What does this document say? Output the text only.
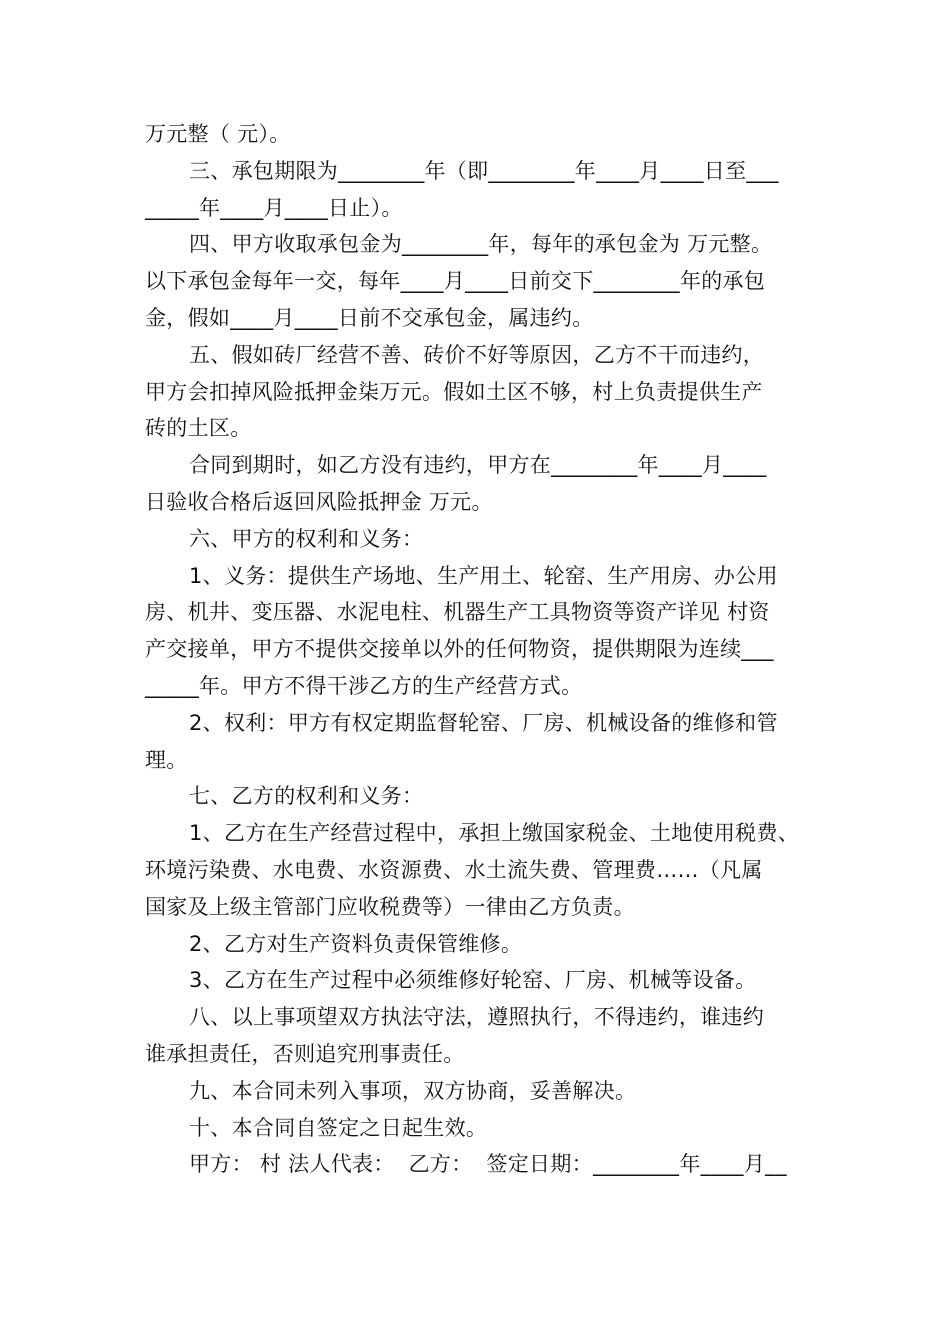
万元整（ 元）。
三、承包期限为________年（即________年____月____日至___
_____年____月____日止）。
四、甲方收取承包金为________年，每年的承包金为 万元整。
以下承包金每年一交，每年____月____日前交下________年的承包
金，假如____月____日前不交承包金，属违约。
五、假如砖厂经营不善、砖价不好等原因，乙方不干而违约，
甲方会扣掉风险抵押金柒万元。假如土区不够，村上负责提供生产
砖的土区。
合同到期时，如乙方没有违约，甲方在________年____月____
日验收合格后返回风险抵押金 万元。
六、甲方的权利和义务：
1、义务：提供生产场地、生产用土、轮窑、生产用房、办公用
房、机井、变压器、水泥电柱、机器生产工具物资等资产详见 村资
产交接单，甲方不提供交接单以外的任何物资，提供期限为连续___
_____年。甲方不得干涉乙方的生产经营方式。
2、权利：甲方有权定期监督轮窑、厂房、机械设备的维修和管
理。
七、乙方的权利和义务：
1、乙方在生产经营过程中，承担上缴国家税金、土地使用税费、
环境污染费、水电费、水资源费、水土流失费、管理费……（凡属
国家及上级主管部门应收税费等）一律由乙方负责。
2、乙方对生产资料负责保管维修。
3、乙方在生产过程中必须维修好轮窑、厂房、机械等设备。
八、以上事项望双方执法守法，遵照执行，不得违约，谁违约
谁承担责任，否则追究刑事责任。
九、本合同未列入事项，双方协商，妥善解决。
十、本合同自签定之日起生效。
甲方： 村 法人代表：  乙方：  签定日期：________年____月__
